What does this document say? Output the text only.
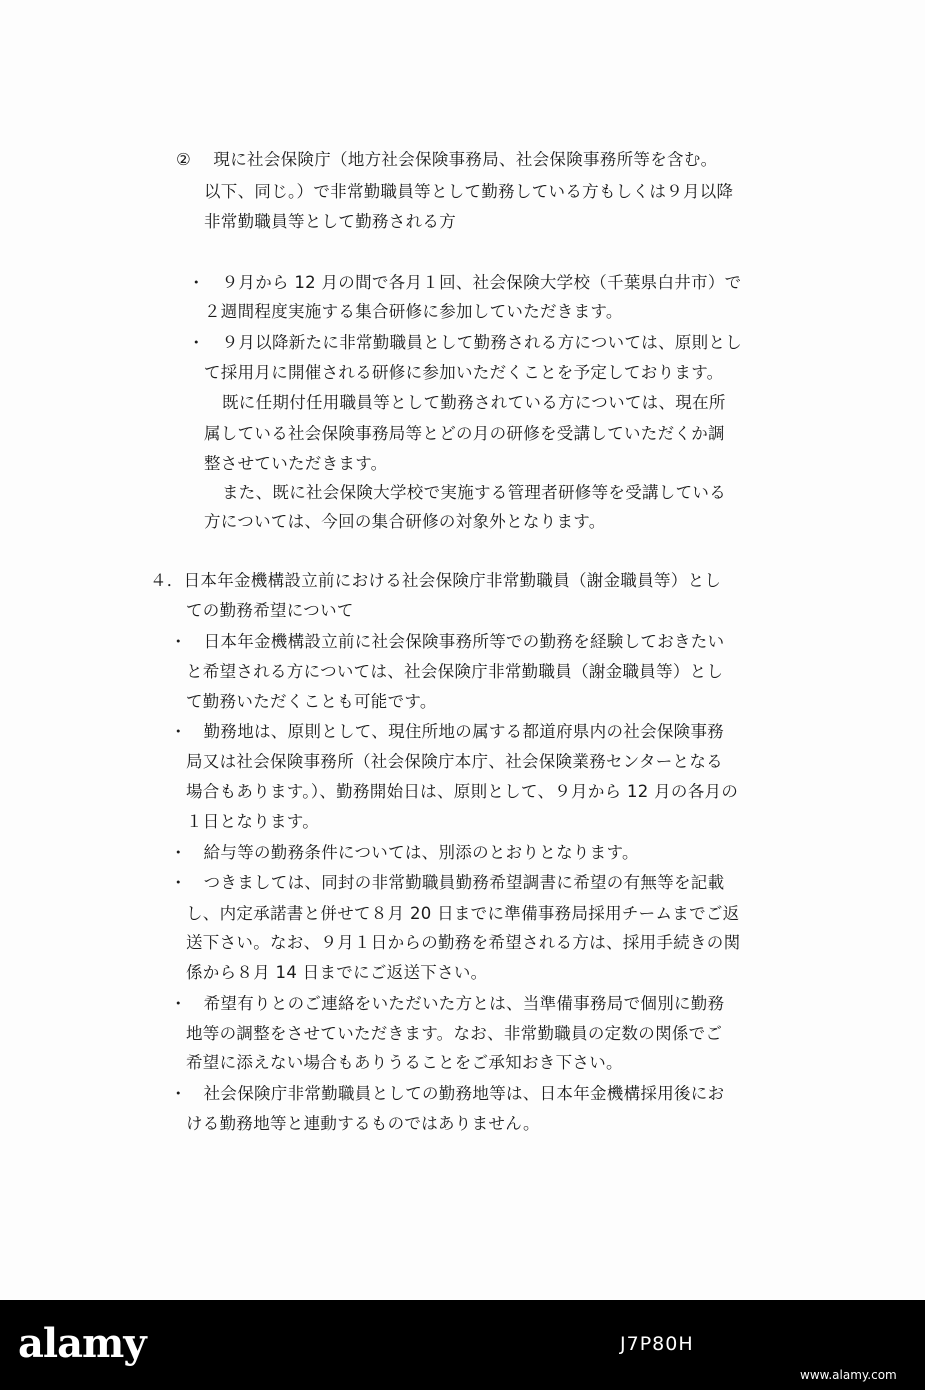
②　 現に社会保険庁（地方社会保険事務局、社会保険事務所等を含む。
以下、同じ。）で非常勤職員等として勤務している方もしくは９月以降
非常勤職員等として勤務される方
・　９月から 12 月の間で各月１回、社会保険大学校（千葉県白井市）で
２週間程度実施する集合研修に参加していただきます。
・　９月以降新たに非常勤職員として勤務される方については、原則とし
て採用月に開催される研修に参加いただくことを予定しております。
既に任期付任用職員等として勤務されている方については、現在所
属している社会保険事務局等とどの月の研修を受講していただくか調
整させていただきます。
また、既に社会保険大学校で実施する管理者研修等を受講している
方については、今回の集合研修の対象外となります。
４．日本年金機構設立前における社会保険庁非常勤職員（謝金職員等）とし
ての勤務希望について
・　日本年金機構設立前に社会保険事務所等での勤務を経験しておきたい
と希望される方については、社会保険庁非常勤職員（謝金職員等）とし
て勤務いただくことも可能です。
・　勤務地は、原則として、現住所地の属する都道府県内の社会保険事務
局又は社会保険事務所（社会保険庁本庁、社会保険業務センターとなる
場合もあります。）、勤務開始日は、原則として、９月から 12 月の各月の
１日となります。
・　給与等の勤務条件については、別添のとおりとなります。
・　つきましては、同封の非常勤職員勤務希望調書に希望の有無等を記載
し、内定承諾書と併せて８月 20 日までに準備事務局採用チームまでご返
送下さい。なお、９月１日からの勤務を希望される方は、採用手続きの関
係から８月 14 日までにご返送下さい。
・　希望有りとのご連絡をいただいた方とは、当準備事務局で個別に勤務
地等の調整をさせていただきます。なお、非常勤職員の定数の関係でご
希望に添えない場合もありうることをご承知おき下さい。
・　社会保険庁非常勤職員としての勤務地等は、日本年金機構採用後にお
ける勤務地等と連動するものではありません。
alamy	J7P80H
www.alamy.com
